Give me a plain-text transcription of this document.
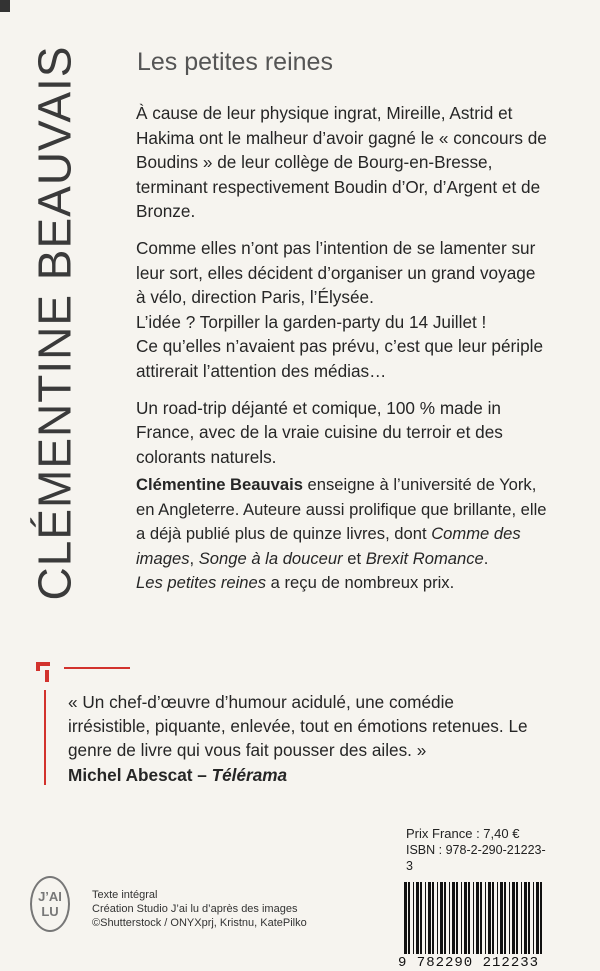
CLÉMENTINE BEAUVAIS Les petites reines

À cause de leur physique ingrat, Mireille, Astrid et Hakima ont le malheur d’avoir gagné le « concours de Boudins » de leur collège de Bourg-en-Bresse, terminant respectivement Boudin d’Or, d’Argent et de Bronze.

Comme elles n’ont pas l’intention de se lamenter sur leur sort, elles décident d’organiser un grand voyage à vélo, direction Paris, l’Élysée.
L’idée ? Torpiller la garden-party du 14 Juillet !
Ce qu’elles n’avaient pas prévu, c’est que leur périple attirerait l’attention des médias…

Un road-trip déjanté et comique, 100 % made in France, avec de la vraie cuisine du terroir et des colorants naturels.

Clémentine Beauvais enseigne à l’université de York, en Angleterre. Auteure aussi prolifique que brillante, elle a déjà publié plus de quinze livres, dont Comme des images, Songe à la douceur et Brexit Romance.
Les petites reines a reçu de nombreux prix.
« Un chef-d’œuvre d’humour acidulé, une comédie irrésistible, piquante, enlevée, tout en émotions retenues. Le genre de livre qui vous fait pousser des ailes. »
Michel Abescat – Télérama
Prix France : 7,40 €
ISBN : 978-2-290-21223-3
9 782290 212233
J’AI
LU
Texte intégral
Création Studio J’ai lu d’après des images
©Shutterstock / ONYXprj, Kristnu, KatePilko
